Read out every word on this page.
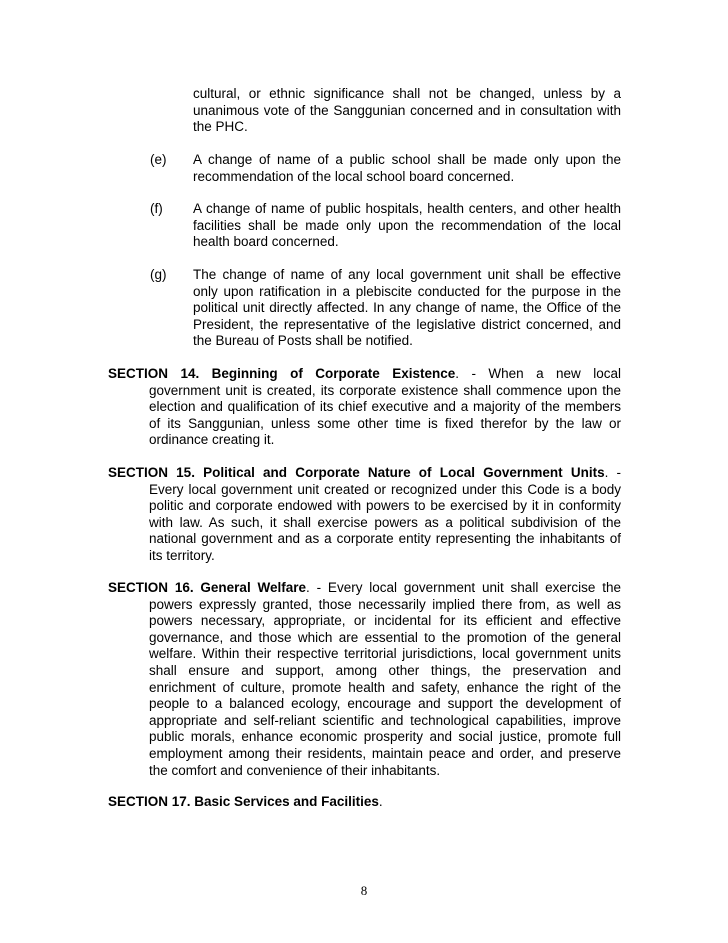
cultural, or ethnic significance shall not be changed, unless by a unanimous vote of the Sanggunian concerned and in consultation with the PHC.
(e)	A change of name of a public school shall be made only upon the recommendation of the local school board concerned.
(f)	A change of name of public hospitals, health centers, and other health facilities shall be made only upon the recommendation of the local health board concerned.
(g)	The change of name of any local government unit shall be effective only upon ratification in a plebiscite conducted for the purpose in the political unit directly affected. In any change of name, the Office of the President, the representative of the legislative district concerned, and the Bureau of Posts shall be notified.
SECTION 14. Beginning of Corporate Existence. - When a new local
government unit is created, its corporate existence shall commence upon the election and qualification of its chief executive and a majority of the members of its Sanggunian, unless some other time is fixed therefor by the law or ordinance creating it.
SECTION 15. Political and Corporate Nature of Local Government Units. -
Every local government unit created or recognized under this Code is a body politic and corporate endowed with powers to be exercised by it in conformity with law. As such, it shall exercise powers as a political subdivision of the national government and as a corporate entity representing the inhabitants of its territory.
SECTION 16. General Welfare. - Every local government unit shall exercise the
powers expressly granted, those necessarily implied there from, as well as powers necessary, appropriate, or incidental for its efficient and effective governance, and those which are essential to the promotion of the general welfare. Within their respective territorial jurisdictions, local government units shall ensure and support, among other things, the preservation and enrichment of culture, promote health and safety, enhance the right of the people to a balanced ecology, encourage and support the development of appropriate and self-reliant scientific and technological capabilities, improve public morals, enhance economic prosperity and social justice, promote full employment among their residents, maintain peace and order, and preserve the comfort and convenience of their inhabitants.
SECTION 17. Basic Services and Facilities.
8
